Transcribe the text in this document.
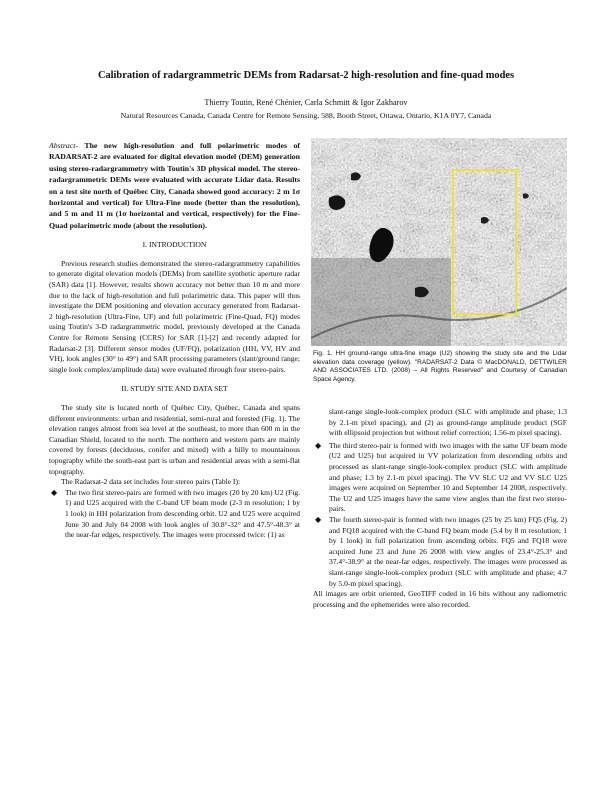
Calibration of radargrammetric DEMs from Radarsat-2 high-resolution and fine-quad modes
Thierry Toutin, René Chénier, Carla Schmitt & Igor Zakharov
Natural Resources Canada, Canada Centre for Remote Sensing, 588, Booth Street, Ottawa, Ontario, K1A 0Y7, Canada

Abstract- The new high-resolution and full polarimetric modes of RADARSAT-2 are evaluated for digital elevation model (DEM) generation using stereo-radargrammetry with Toutin's 3D physical model. The stereo-radargrammetric DEMs were evaluated with accurate Lidar data. Results on a test site north of Québec City, Canada showed good accuracy: 2 m 1σ horizontal and vertical) for Ultra-Fine mode (better than the resolution), and 5 m and 11 m (1σ horizontal and vertical, respectively) for the Fine-Quad polarimetric mode (about the resolution).

I. INTRODUCTION

Previous research studies demonstrated the stereo-radargrammetry capabilities to generate digital elevation models (DEMs) from satellite synthetic aperture radar (SAR) data [1]. However, results shown accuracy not better than 10 m and more due to the lack of high-resolution and full polarimetric data. This paper will thus investigate the DEM positioning and elevation accuracy generated from Radarsat-2 high-resolution (Ultra-Fine, UF) and full polarimetric (Fine-Quad, FQ) modes using Toutin's 3-D radargrammetric model, previously developed at the Canada Centre for Remote Sensing (CCRS) for SAR [1]-[2] and recently adapted for Radarsat-2 [3]. Different sensor modes (UF/FQ), polarization (HH, VV, HV and VH), look angles (30° to 49°) and SAR processing parameters (slant/ground range; single look complex/amplitude data) were evaluated through four stereo-pairs.

II. STUDY SITE AND DATA SET

The study site is located north of Québec City, Québec, Canada and spans different environments: urban and residential, semi-rural and forested (Fig. 1). The elevation ranges almost from sea level at the southeast, to more than 600 m in the Canadian Shield, located to the north. The northern and western parts are mainly covered by forests (deciduous, conifer and mixed) with a hilly to mountainous topography while the south-east part is urban and residential areas with a semi-flat topography.

The Radarsat-2 data set includes four stereo pairs (Table I):

◆ The two first stereo-pairs are formed with two images (20 by 20 km) U2 (Fig. 1) and U25 acquired with the C-band UF beam mode (2-3 m resolution; 1 by 1 look) in HH polarization from descending orbit. U2 and U25 were acquired June 30 and July 04 2008 with look angles of 30.8°-32° and 47.5°-48.3° at the near-far edges, respectively. The images were processed twice: (1) as

Fig. 1. HH ground-range ultra-fine image (U2) showing the study site and the Lidar elevation data coverage (yellow). "RADARSAT-2 Data © MacDONALD, DETTWILER AND ASSOCIATES LTD. (2008) – All Rights Reserved" and Courtesy of Canadian Space Agency.

slant-range single-look-complex product (SLC with amplitude and phase; 1.3 by 2.1-m pixel spacing), and (2) as ground-range amplitude product (SGF with ellipsoid projection but without relief correction; 1.56-m pixel spacing).

◆ The third stereo-pair is formed with two images with the same UF beam mode (U2 and U25) but acquired in VV polarization from descending orbits and processed as slant-range single-look-complex product (SLC with amplitude and phase; 1.3 by 2.1-m pixel spacing). The VV SLC U2 and VV SLC U25 images were acquired on September 10 and September 14 2008, respectively. The U2 and U25 images have the same view angles than the first two stereo-pairs.

◆ The fourth stereo-pair is formed with two images (25 by 25 km) FQ5 (Fig. 2) and FQ18 acquired with the C-band FQ beam mode (5.4 by 8 m resolution; 1 by 1 look) in full polarization from ascending orbits. FQ5 and FQ18 were acquired June 23 and June 26 2008 with view angles of 23.4°-25.3° and 37.4°-38.9° at the near-far edges, respectively. The images were processed as slant-range single-look-complex product (SLC with amplitude and phase; 4.7 by 5.0-m pixel spacing).

All images are orbit oriented, GeoTIFF coded in 16 bits without any radiometric processing and the ephemerides were also recorded.
